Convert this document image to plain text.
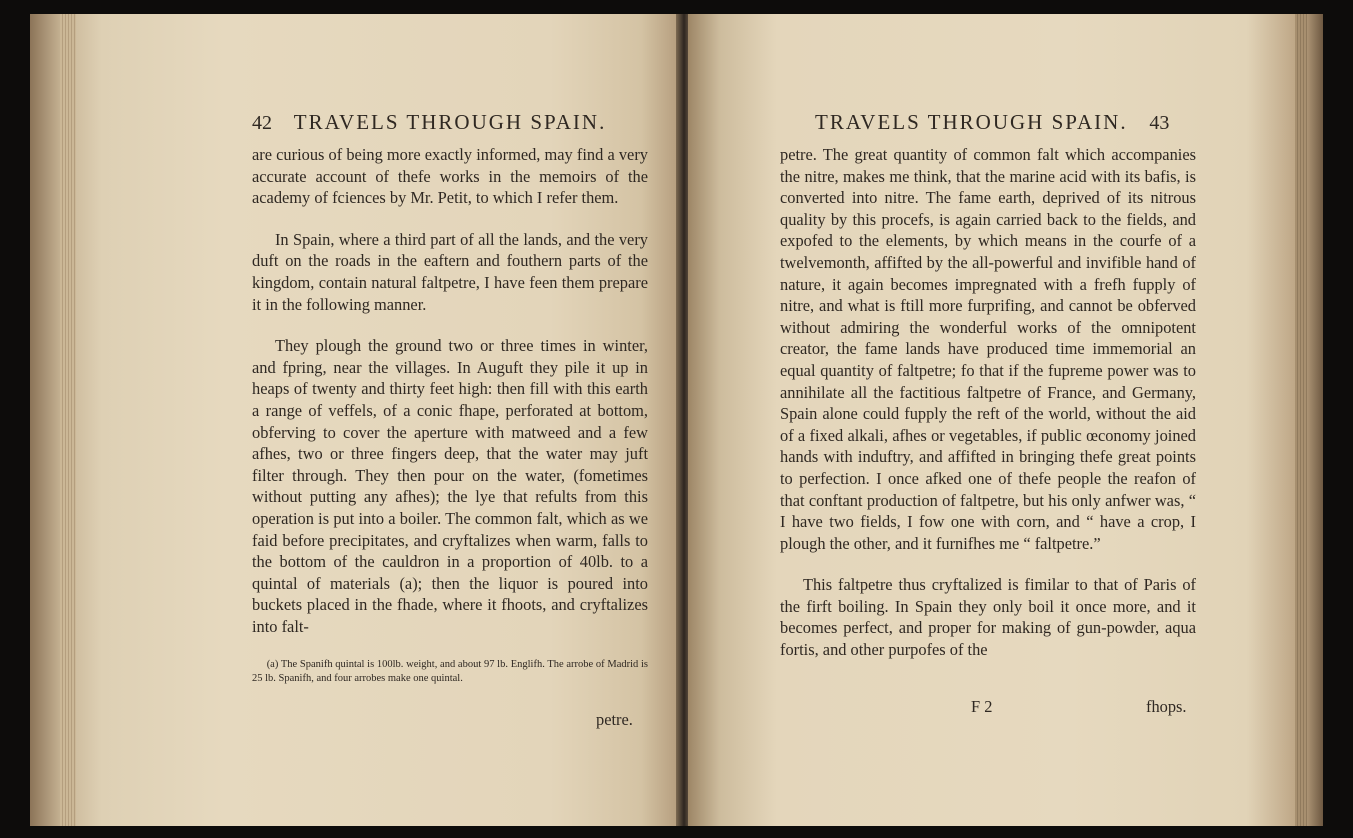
42 TRAVELS THROUGH SPAIN.

are curious of being more exactly informed, may find a very accurate account of thefe works in the memoirs of the academy of fciences by Mr. Petit, to which I refer them.

In Spain, where a third part of all the lands, and the very duft on the roads in the eaftern and fouthern parts of the kingdom, contain natural faltpetre, I have feen them prepare it in the following manner.

They plough the ground two or three times in winter, and fpring, near the villages. In Auguft they pile it up in heaps of twenty and thirty feet high: then fill with this earth a range of veffels, of a conic fhape, perforated at bottom, obferving to cover the aperture with matweed and a few afhes, two or three fingers deep, that the water may juft filter through. They then pour on the water, (fometimes without putting any afhes); the lye that refults from this operation is put into a boiler. The common falt, which as we faid before precipitates, and cryftalizes when warm, falls to the bottom of the cauldron in a proportion of 40lb. to a quintal of materials (a); then the liquor is poured into buckets placed in the fhade, where it fhoots, and cryftalizes into falt-

(a) The Spanifh quintal is 100lb. weight, and about 97 lb. Englifh. The arrobe of Madrid is 25 lb. Spanifh, and four arrobes make one quintal.
petre.
TRAVELS THROUGH SPAIN. 43

petre. The great quantity of common falt which accompanies the nitre, makes me think, that the marine acid with its bafis, is converted into nitre. The fame earth, deprived of its nitrous quality by this procefs, is again carried back to the fields, and expofed to the elements, by which means in the courfe of a twelvemonth, affifted by the all-powerful and invifible hand of nature, it again becomes impregnated with a frefh fupply of nitre, and what is ftill more furprifing, and cannot be obferved without admiring the wonderful works of the omnipotent creator, the fame lands have produced time immemorial an equal quantity of faltpetre; fo that if the fupreme power was to annihilate all the factitious faltpetre of France, and Germany, Spain alone could fupply the reft of the world, without the aid of a fixed alkali, afhes or vegetables, if public œconomy joined hands with induftry, and affifted in bringing thefe great points to perfection. I once afked one of thefe people the reafon of that conftant production of faltpetre, but his only anfwer was, “ I have two fields, I fow one with corn, and “ have a crop, I plough the other, and it furnifhes me “ faltpetre.”

This faltpetre thus cryftalized is fimilar to that of Paris of the firft boiling. In Spain they only boil it once more, and it becomes perfect, and proper for making of gun-powder, aqua fortis, and other purpofes of the

F 2	fhops.
